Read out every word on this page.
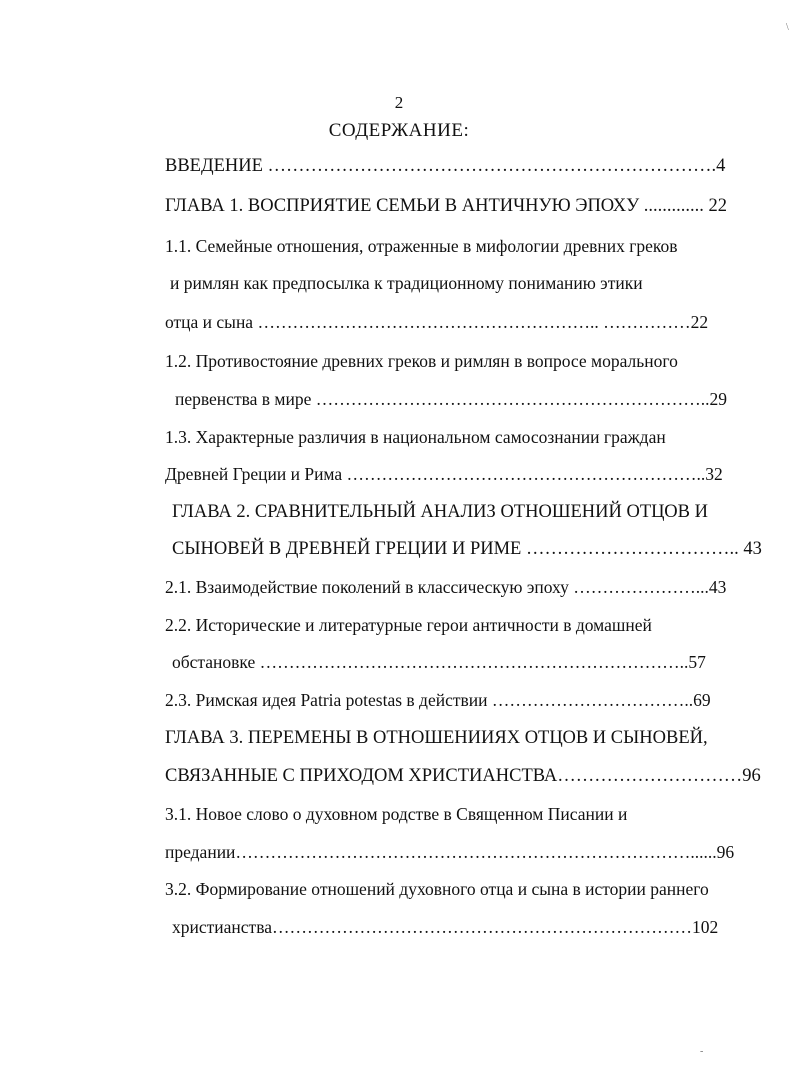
2
СОДЕРЖАНИЕ:
ВВЕДЕНИЕ ……………………………………………………………….4
ГЛАВА 1. ВОСПРИЯТИЕ СЕМЬИ В АНТИЧНУЮ ЭПОХУ ............. 22
1.1. Семейные отношения, отраженные в мифологии древних греков
и римлян как предпосылка к традиционному пониманию этики
отца и сына ………………………………………………….. ……………22
1.2. Противостояние древних греков и римлян в вопросе морального
первенства в мире …………………………………………………………..29
1.3. Характерные различия в национальном самосознании граждан
Древней Греции и Рима ……………………………………………………..32
ГЛАВА 2. СРАВНИТЕЛЬНЫЙ АНАЛИЗ ОТНОШЕНИЙ ОТЦОВ И
СЫНОВЕЙ В ДРЕВНЕЙ ГРЕЦИИ И РИМЕ …………………………….. 43
2.1. Взаимодействие поколений в классическую эпоху …………………...43
2.2. Исторические и литературные герои античности в домашней
обстановке ………………………………………………………………..57
2.3. Римская идея Patria potestas в действии ……………………………..69
ГЛАВА 3. ПЕРЕМЕНЫ В ОТНОШЕНИИЯХ ОТЦОВ И СЫНОВЕЙ,
СВЯЗАННЫЕ С ПРИХОДОМ ХРИСТИАНСТВА…………………………96
3.1. Новое слово о духовном родстве в Священном Писании и
предании……………………………………………………………………......96
3.2. Формирование отношений духовного отца и сына в истории раннего
христианства………………………………………………………………102
\
-
